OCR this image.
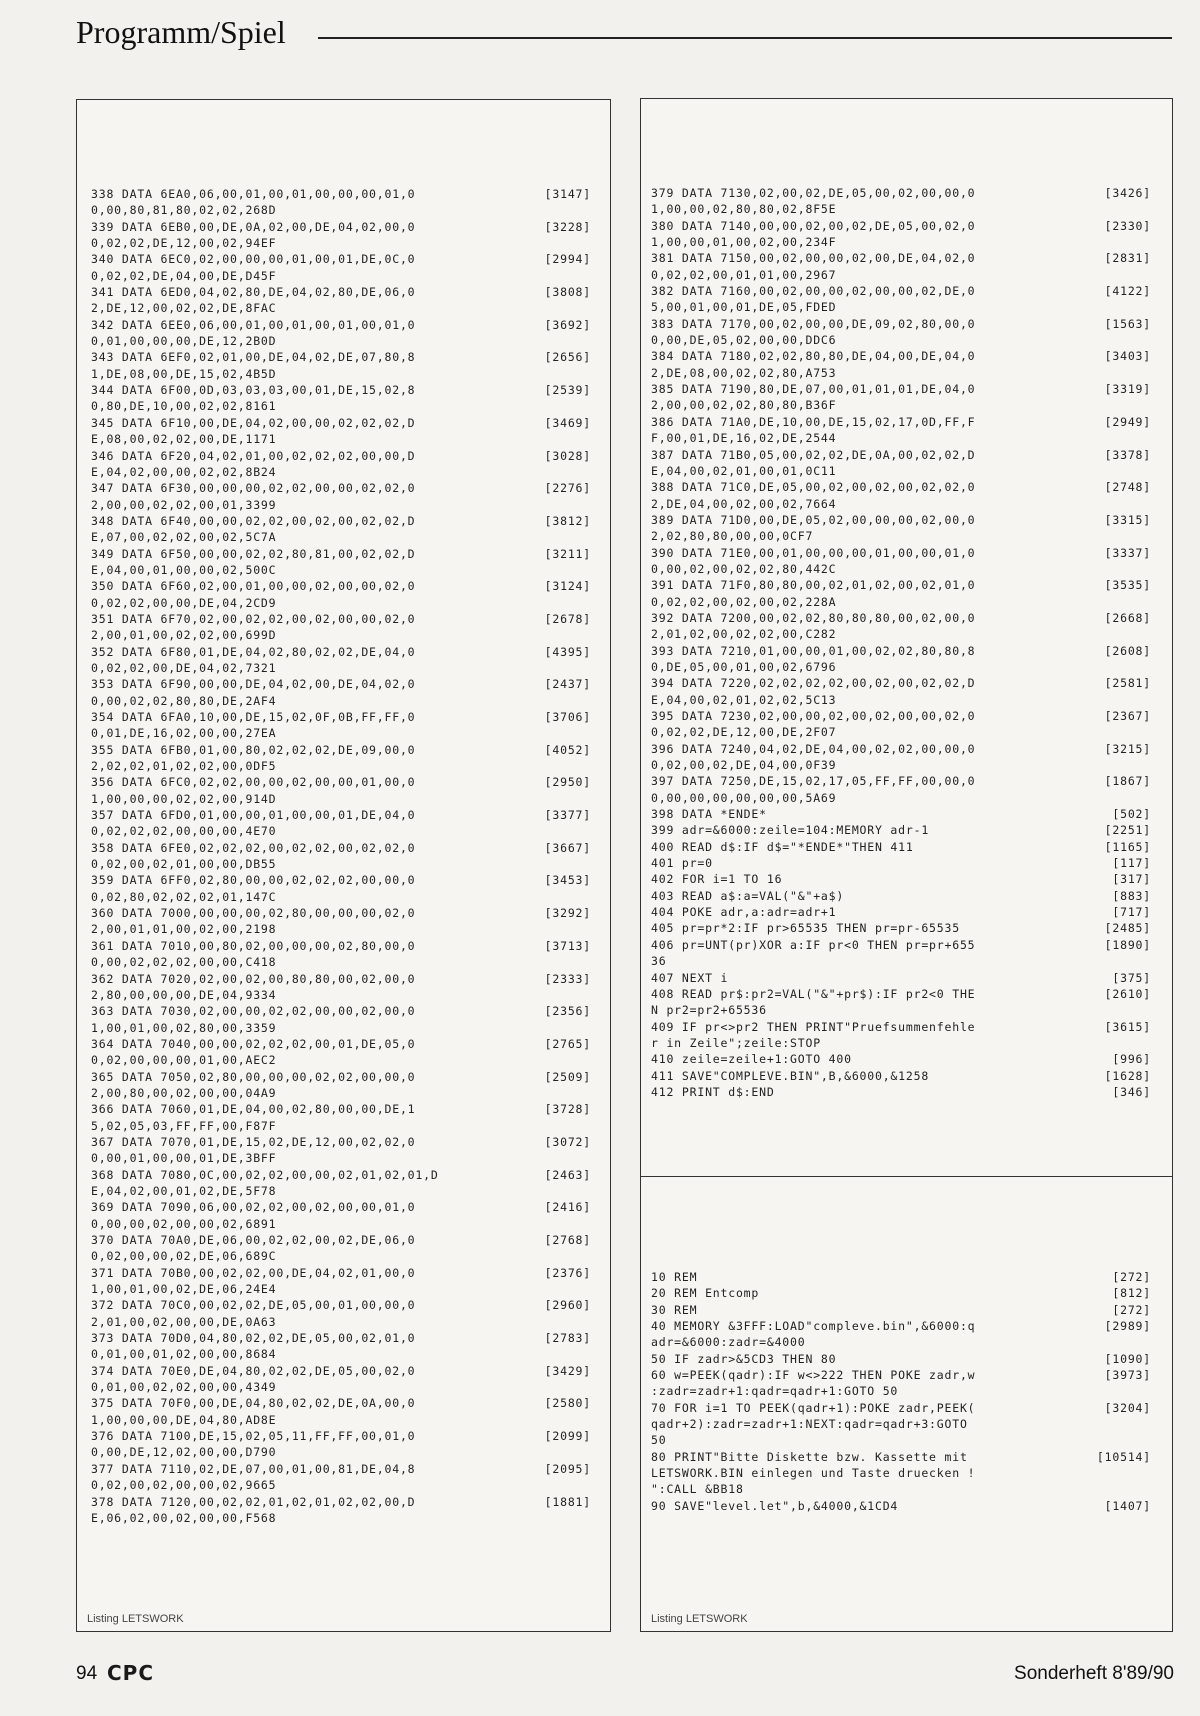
Programm/Spiel
338 DATA 6EA0,06,00,01,00,01,00,00,00,01,0	[3147]
0,00,80,81,80,02,02,268D
339 DATA 6EB0,00,DE,0A,02,00,DE,04,02,00,0	[3228]
0,02,02,DE,12,00,02,94EF
340 DATA 6EC0,02,00,00,00,01,00,01,DE,0C,0	[2994]
0,02,02,DE,04,00,DE,D45F
341 DATA 6ED0,04,02,80,DE,04,02,80,DE,06,0	[3808]
2,DE,12,00,02,02,DE,8FAC
342 DATA 6EE0,06,00,01,00,01,00,01,00,01,0	[3692]
0,01,00,00,00,DE,12,2B0D
343 DATA 6EF0,02,01,00,DE,04,02,DE,07,80,8	[2656]
1,DE,08,00,DE,15,02,4B5D
344 DATA 6F00,0D,03,03,03,00,01,DE,15,02,8	[2539]
0,80,DE,10,00,02,02,8161
345 DATA 6F10,00,DE,04,02,00,00,02,02,02,D	[3469]
E,08,00,02,02,00,DE,1171
346 DATA 6F20,04,02,01,00,02,02,02,00,00,D	[3028]
E,04,02,00,00,02,02,8B24
347 DATA 6F30,00,00,00,02,02,00,00,02,02,0	[2276]
2,00,00,02,02,00,01,3399
348 DATA 6F40,00,00,02,02,00,02,00,02,02,D	[3812]
E,07,00,02,02,00,02,5C7A
349 DATA 6F50,00,00,02,02,80,81,00,02,02,D	[3211]
E,04,00,01,00,00,02,500C
350 DATA 6F60,02,00,01,00,00,02,00,00,02,0	[3124]
0,02,02,00,00,DE,04,2CD9
351 DATA 6F70,02,00,02,02,00,02,00,00,02,0	[2678]
2,00,01,00,02,02,00,699D
352 DATA 6F80,01,DE,04,02,80,02,02,DE,04,0	[4395]
0,02,02,00,DE,04,02,7321
353 DATA 6F90,00,00,DE,04,02,00,DE,04,02,0	[2437]
0,00,02,02,80,80,DE,2AF4
354 DATA 6FA0,10,00,DE,15,02,0F,0B,FF,FF,0	[3706]
0,01,DE,16,02,00,00,27EA
355 DATA 6FB0,01,00,80,02,02,02,DE,09,00,0	[4052]
2,02,02,01,02,02,00,0DF5
356 DATA 6FC0,02,02,00,00,02,00,00,01,00,0	[2950]
1,00,00,00,02,02,00,914D
357 DATA 6FD0,01,00,00,01,00,00,01,DE,04,0	[3377]
0,02,02,02,00,00,00,4E70
358 DATA 6FE0,02,02,02,00,02,02,00,02,02,0	[3667]
0,02,00,02,01,00,00,DB55
359 DATA 6FF0,02,80,00,00,02,02,02,00,00,0	[3453]
0,02,80,02,02,02,01,147C
360 DATA 7000,00,00,00,02,80,00,00,00,02,0	[3292]
2,00,01,01,00,02,00,2198
361 DATA 7010,00,80,02,00,00,00,02,80,00,0	[3713]
0,00,02,02,02,00,00,C418
362 DATA 7020,02,00,02,00,80,80,00,02,00,0	[2333]
2,80,00,00,00,DE,04,9334
363 DATA 7030,02,00,00,02,02,00,00,02,00,0	[2356]
1,00,01,00,02,80,00,3359
364 DATA 7040,00,00,02,02,02,00,01,DE,05,0	[2765]
0,02,00,00,00,01,00,AEC2
365 DATA 7050,02,80,00,00,00,02,02,00,00,0	[2509]
2,00,80,00,02,00,00,04A9
366 DATA 7060,01,DE,04,00,02,80,00,00,DE,1	[3728]
5,02,05,03,FF,FF,00,F87F
367 DATA 7070,01,DE,15,02,DE,12,00,02,02,0	[3072]
0,00,01,00,00,01,DE,3BFF
368 DATA 7080,0C,00,02,02,00,00,02,01,02,01,D	[2463]
E,04,02,00,01,02,DE,5F78
369 DATA 7090,06,00,02,02,00,02,00,00,01,0	[2416]
0,00,00,02,00,00,02,6891
370 DATA 70A0,DE,06,00,02,02,00,02,DE,06,0	[2768]
0,02,00,00,02,DE,06,689C
371 DATA 70B0,00,02,02,00,DE,04,02,01,00,0	[2376]
1,00,01,00,02,DE,06,24E4
372 DATA 70C0,00,02,02,DE,05,00,01,00,00,0	[2960]
2,01,00,02,00,00,DE,0A63
373 DATA 70D0,04,80,02,02,DE,05,00,02,01,0	[2783]
0,01,00,01,02,00,00,8684
374 DATA 70E0,DE,04,80,02,02,DE,05,00,02,0	[3429]
0,01,00,02,02,00,00,4349
375 DATA 70F0,00,DE,04,80,02,02,DE,0A,00,0	[2580]
1,00,00,00,DE,04,80,AD8E
376 DATA 7100,DE,15,02,05,11,FF,FF,00,01,0	[2099]
0,00,DE,12,02,00,00,D790
377 DATA 7110,02,DE,07,00,01,00,81,DE,04,8	[2095]
0,02,00,02,00,00,02,9665
378 DATA 7120,00,02,02,01,02,01,02,02,00,D	[1881]
E,06,02,00,02,00,00,F568
Listing LETSWORK
379 DATA 7130,02,00,02,DE,05,00,02,00,00,0	[3426]
1,00,00,02,80,80,02,8F5E
380 DATA 7140,00,00,02,00,02,DE,05,00,02,0	[2330]
1,00,00,01,00,02,00,234F
381 DATA 7150,00,02,00,00,02,00,DE,04,02,0	[2831]
0,02,02,00,01,01,00,2967
382 DATA 7160,00,02,00,00,02,00,00,02,DE,0	[4122]
5,00,01,00,01,DE,05,FDED
383 DATA 7170,00,02,00,00,DE,09,02,80,00,0	[1563]
0,00,DE,05,02,00,00,DDC6
384 DATA 7180,02,02,80,80,DE,04,00,DE,04,0	[3403]
2,DE,08,00,02,02,80,A753
385 DATA 7190,80,DE,07,00,01,01,01,DE,04,0	[3319]
2,00,00,02,02,80,80,B36F
386 DATA 71A0,DE,10,00,DE,15,02,17,0D,FF,F	[2949]
F,00,01,DE,16,02,DE,2544
387 DATA 71B0,05,00,02,02,DE,0A,00,02,02,D	[3378]
E,04,00,02,01,00,01,0C11
388 DATA 71C0,DE,05,00,02,00,02,00,02,02,0	[2748]
2,DE,04,00,02,00,02,7664
389 DATA 71D0,00,DE,05,02,00,00,00,02,00,0	[3315]
2,02,80,80,00,00,0CF7
390 DATA 71E0,00,01,00,00,00,01,00,00,01,0	[3337]
0,00,02,00,02,02,80,442C
391 DATA 71F0,80,80,00,02,01,02,00,02,01,0	[3535]
0,02,02,00,02,00,02,228A
392 DATA 7200,00,02,02,80,80,80,00,02,00,0	[2668]
2,01,02,00,02,02,00,C282
393 DATA 7210,01,00,00,01,00,02,02,80,80,8	[2608]
0,DE,05,00,01,00,02,6796
394 DATA 7220,02,02,02,02,00,02,00,02,02,D	[2581]
E,04,00,02,01,02,02,5C13
395 DATA 7230,02,00,00,02,00,02,00,00,02,0	[2367]
0,02,02,DE,12,00,DE,2F07
396 DATA 7240,04,02,DE,04,00,02,02,00,00,0	[3215]
0,02,00,02,DE,04,00,0F39
397 DATA 7250,DE,15,02,17,05,FF,FF,00,00,0	[1867]
0,00,00,00,00,00,00,5A69
398 DATA *ENDE*	[502]
399 adr=&6000:zeile=104:MEMORY adr-1	[2251]
400 READ d$:IF d$="*ENDE*"THEN 411	[1165]
401 pr=0	[117]
402 FOR i=1 TO 16	[317]
403 READ a$:a=VAL("&"+a$)	[883]
404 POKE adr,a:adr=adr+1	[717]
405 pr=pr*2:IF pr>65535 THEN pr=pr-65535	[2485]
406 pr=UNT(pr)XOR a:IF pr<0 THEN pr=pr+655	[1890]
36
407 NEXT i	[375]
408 READ pr$:pr2=VAL("&"+pr$):IF pr2<0 THE	[2610]
N pr2=pr2+65536
409 IF pr<>pr2 THEN PRINT"Pruefsummenfehle	[3615]
r in Zeile";zeile:STOP
410 zeile=zeile+1:GOTO 400	[996]
411 SAVE"COMPLEVE.BIN",B,&6000,&1258	[1628]
412 PRINT d$:END	[346]
10 REM	[272]
20 REM Entcomp	[812]
30 REM	[272]
40 MEMORY &3FFF:LOAD"compleve.bin",&6000:q	[2989]
adr=&6000:zadr=&4000
50 IF zadr>&5CD3 THEN 80	[1090]
60 w=PEEK(qadr):IF w<>222 THEN POKE zadr,w	[3973]
:zadr=zadr+1:qadr=qadr+1:GOTO 50
70 FOR i=1 TO PEEK(qadr+1):POKE zadr,PEEK(	[3204]
qadr+2):zadr=zadr+1:NEXT:qadr=qadr+3:GOTO
50
80 PRINT"Bitte Diskette bzw. Kassette mit	[10514]
LETSWORK.BIN einlegen und Taste druecken !
":CALL &BB18
90 SAVE"level.let",b,&4000,&1CD4	[1407]
Listing LETSWORK
94 CPC	Sonderheft 8'89/90
